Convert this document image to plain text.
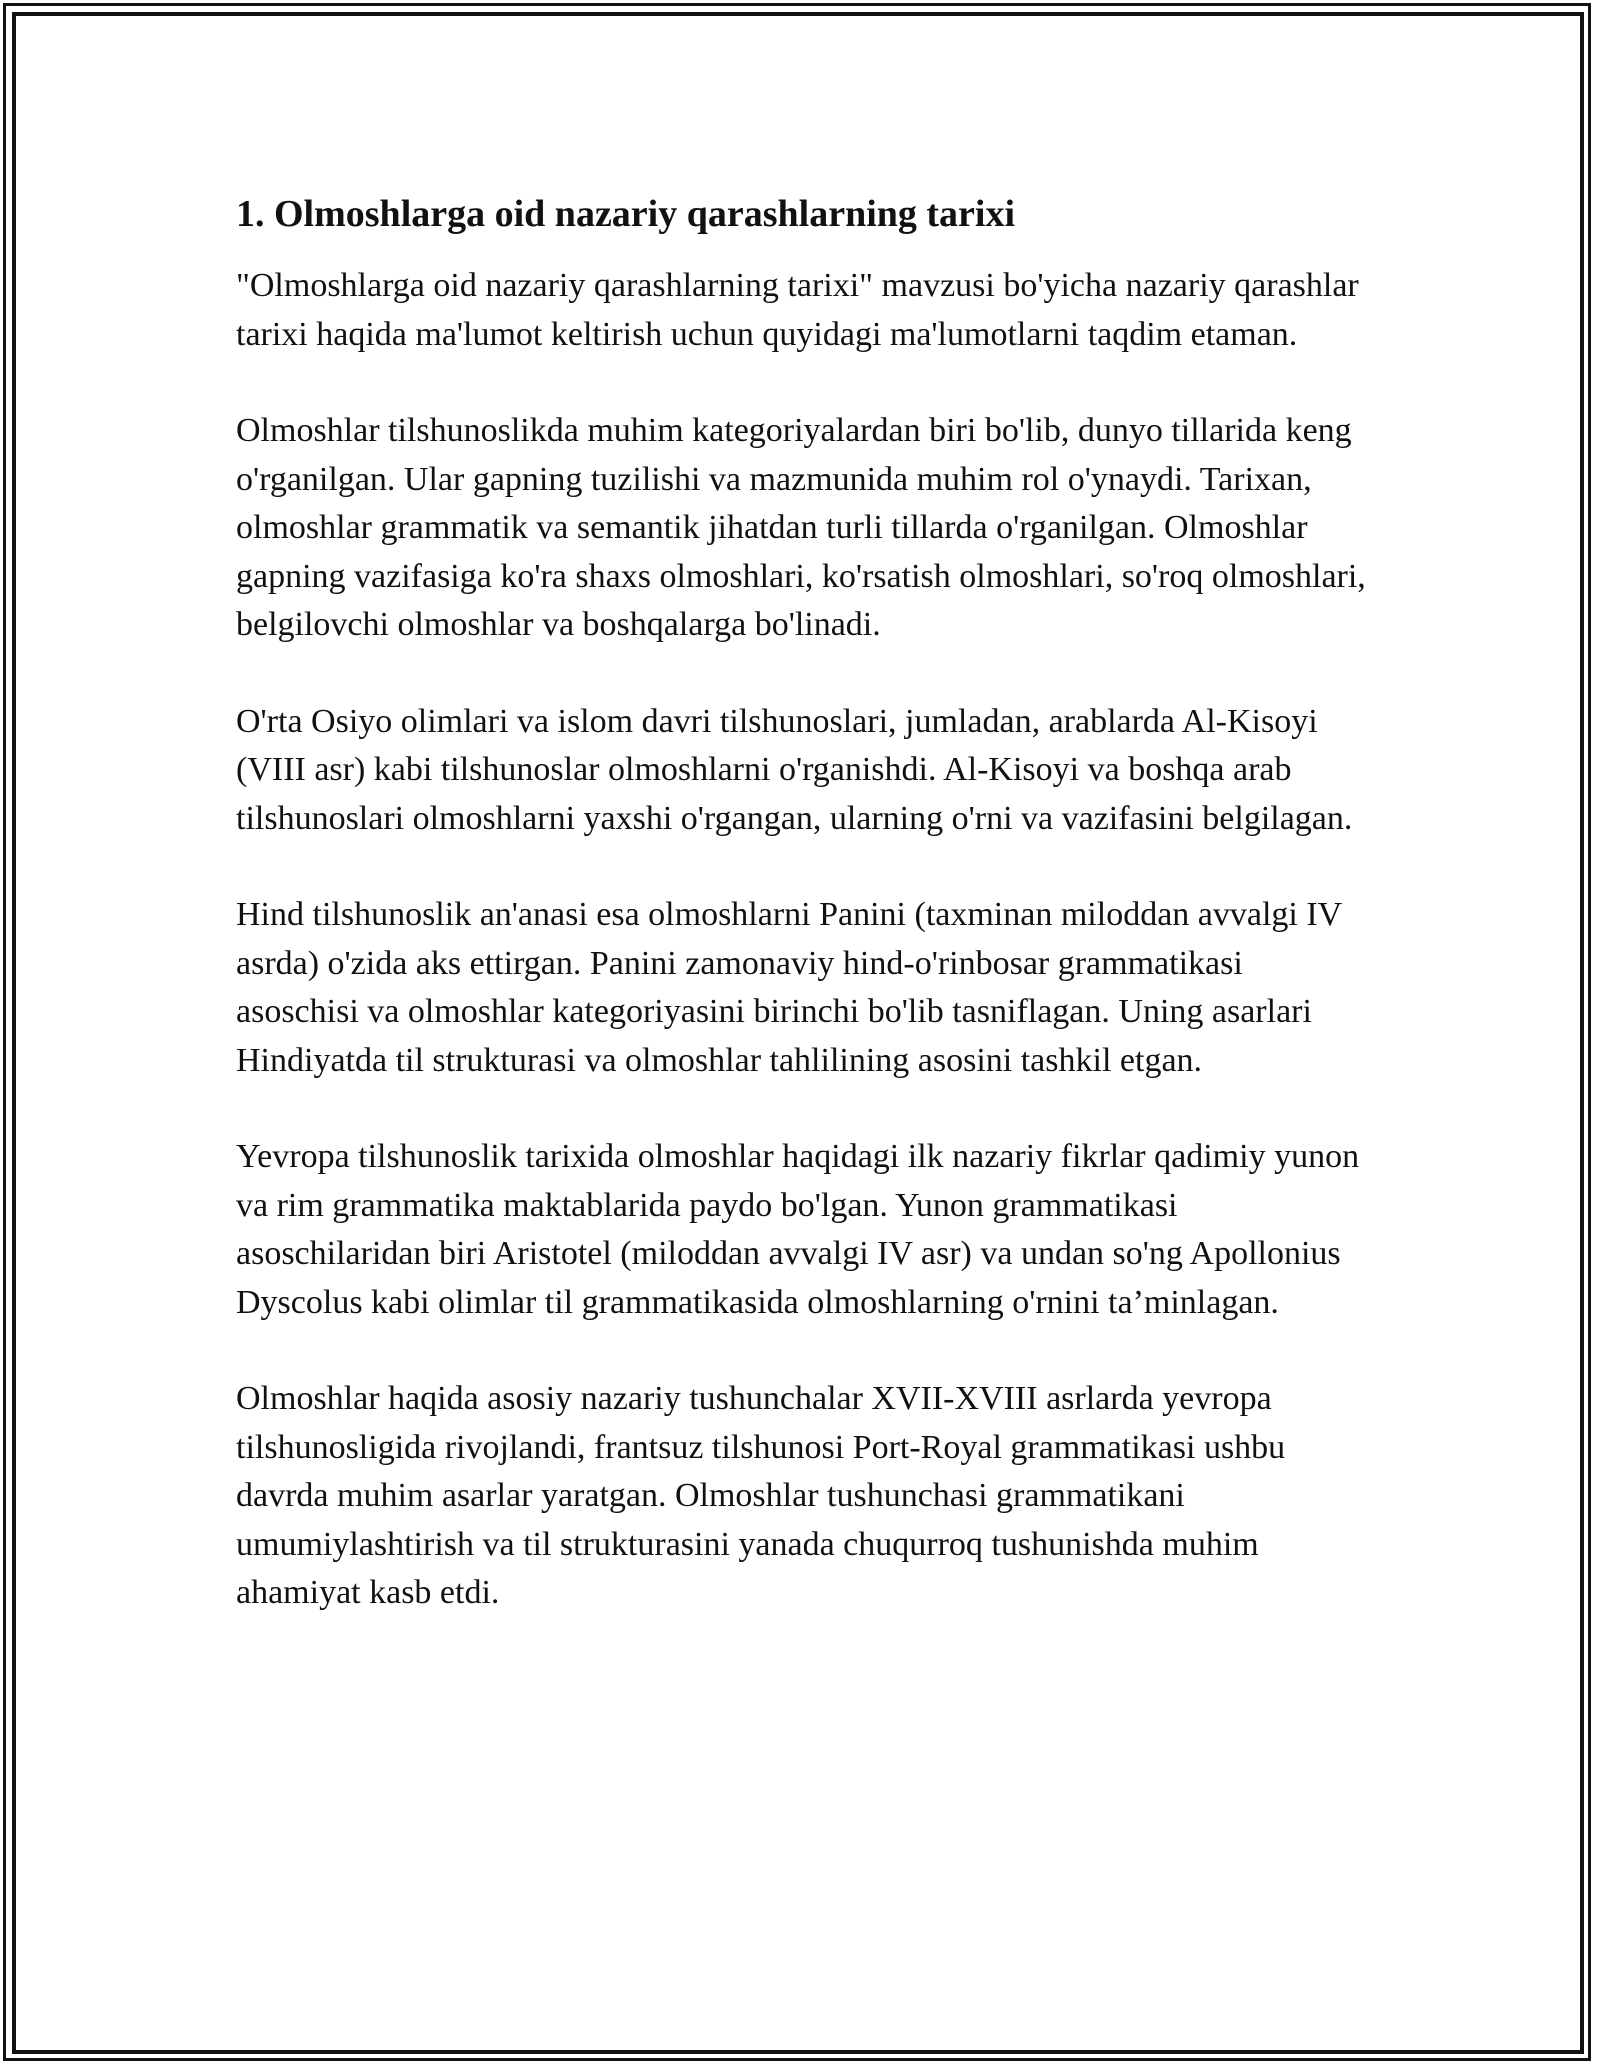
1. Olmoshlarga oid nazariy qarashlarning tarixi

"Olmoshlarga oid nazariy qarashlarning tarixi" mavzusi bo'yicha nazariy qarashlar tarixi haqida ma'lumot keltirish uchun quyidagi ma'lumotlarni taqdim etaman.

Olmoshlar tilshunoslikda muhim kategoriyalardan biri bo'lib, dunyo tillarida keng o'rganilgan. Ular gapning tuzilishi va mazmunida muhim rol o'ynaydi. Tarixan, olmoshlar grammatik va semantik jihatdan turli tillarda o'rganilgan. Olmoshlar gapning vazifasiga ko'ra shaxs olmoshlari, ko'rsatish olmoshlari, so'roq olmoshlari, belgilovchi olmoshlar va boshqalarga bo'linadi.

O'rta Osiyo olimlari va islom davri tilshunoslari, jumladan, arablarda Al-Kisoyi (VIII asr) kabi tilshunoslar olmoshlarni o'rganishdi. Al-Kisoyi va boshqa arab tilshunoslari olmoshlarni yaxshi o'rgangan, ularning o'rni va vazifasini belgilagan.

Hind tilshunoslik an'anasi esa olmoshlarni Panini (taxminan miloddan avvalgi IV asrda) o'zida aks ettirgan. Panini zamonaviy hind-o'rinbosar grammatikasi asoschisi va olmoshlar kategoriyasini birinchi bo'lib tasniflagan. Uning asarlari Hindiyatda til strukturasi va olmoshlar tahlilining asosini tashkil etgan.

Yevropa tilshunoslik tarixida olmoshlar haqidagi ilk nazariy fikrlar qadimiy yunon va rim grammatika maktablarida paydo bo'lgan. Yunon grammatikasi asoschilaridan biri Aristotel (miloddan avvalgi IV asr) va undan so'ng Apollonius Dyscolus kabi olimlar til grammatikasida olmoshlarning o'rnini ta’minlagan.

Olmoshlar haqida asosiy nazariy tushunchalar XVII-XVIII asrlarda yevropa tilshunosligida rivojlandi, frantsuz tilshunosi Port-Royal grammatikasi ushbu davrda muhim asarlar yaratgan. Olmoshlar tushunchasi grammatikani umumiylashtirish va til strukturasini yanada chuqurroq tushunishda muhim ahamiyat kasb etdi.
